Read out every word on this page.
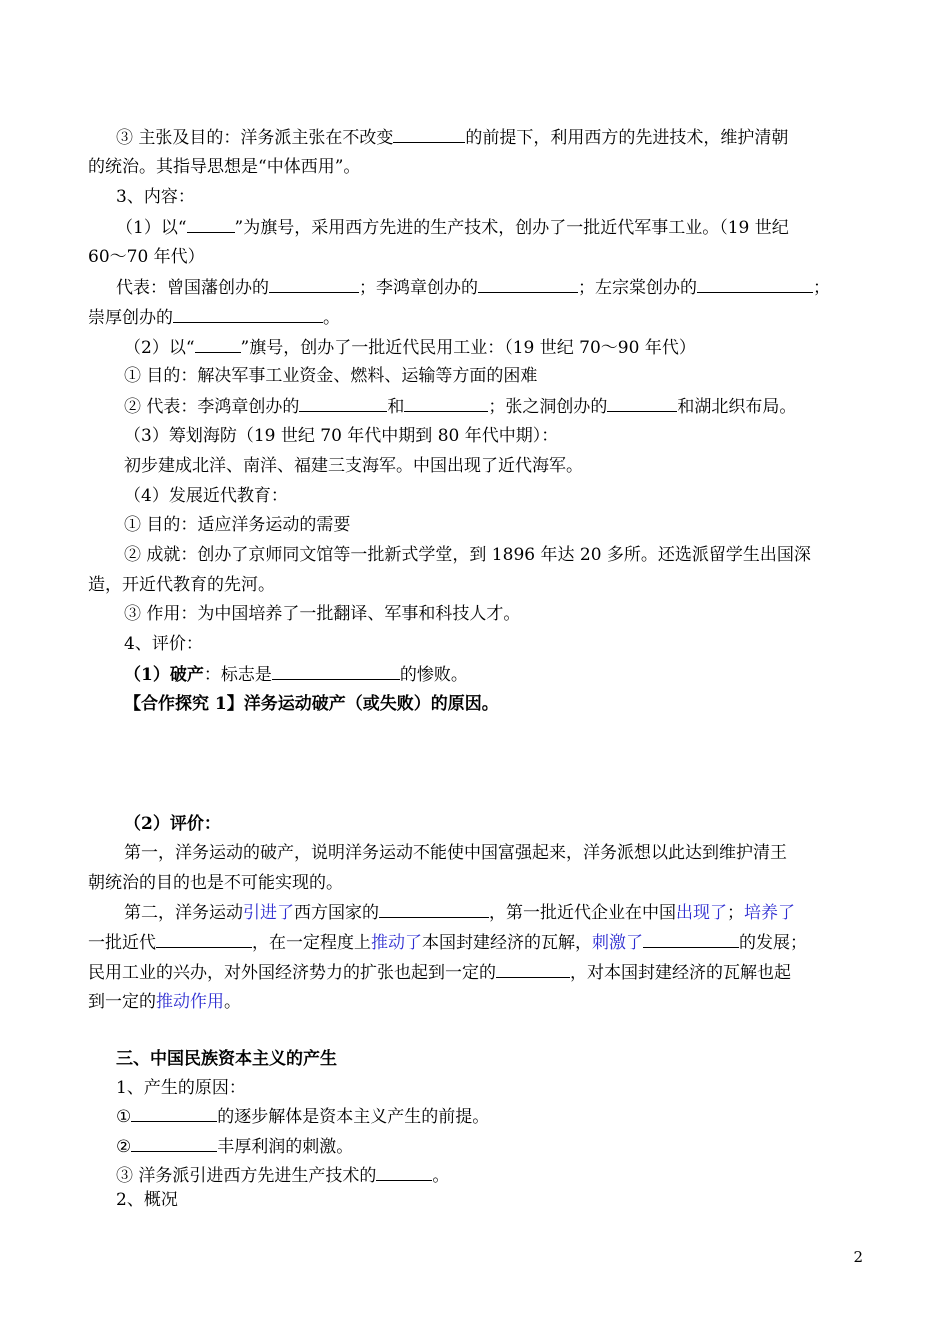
③ 主张及目的：洋务派主张在不改变	的前提下，利用西方的先进技术，维护清朝
的统治。其指导思想是“中体西用”。
3、内容：
（1）以“	”为旗号，采用西方先进的生产技术，创办了一批近代军事工业。（19 世纪
60～70 年代）
代表：曾国藩创办的	；李鸿章创办的	；左宗棠创办的	；
崇厚创办的	。
（2）以“	”旗号，创办了一批近代民用工业：（19 世纪 70～90 年代）
① 目的：解决军事工业资金、燃料、运输等方面的困难
② 代表：李鸿章创办的	和	；张之洞创办的	和湖北织布局。
（3）筹划海防（19 世纪 70 年代中期到 80 年代中期）：
初步建成北洋、南洋、福建三支海军。中国出现了近代海军。
（4）发展近代教育：
① 目的：适应洋务运动的需要
② 成就：创办了京师同文馆等一批新式学堂，到 1896 年达 20 多所。还选派留学生出国深
造，开近代教育的先河。
③ 作用：为中国培养了一批翻译、军事和科技人才。
4、评价：
（1）破产：标志是	的惨败。
【合作探究 1】洋务运动破产（或失败）的原因。
（2）评价：
第一，洋务运动的破产，说明洋务运动不能使中国富强起来，洋务派想以此达到维护清王
朝统治的目的也是不可能实现的。
第二，洋务运动引进了西方国家的	，第一批近代企业在中国出现了；培养了
一批近代	，在一定程度上推动了本国封建经济的瓦解，刺激了	的发展；
民用工业的兴办，对外国经济势力的扩张也起到一定的	，对本国封建经济的瓦解也起
到一定的推动作用。
三、中国民族资本主义的产生
1、产生的原因：
①	的逐步解体是资本主义产生的前提。
②	丰厚利润的刺激。
③ 洋务派引进西方先进生产技术的	。
2、概况
2
